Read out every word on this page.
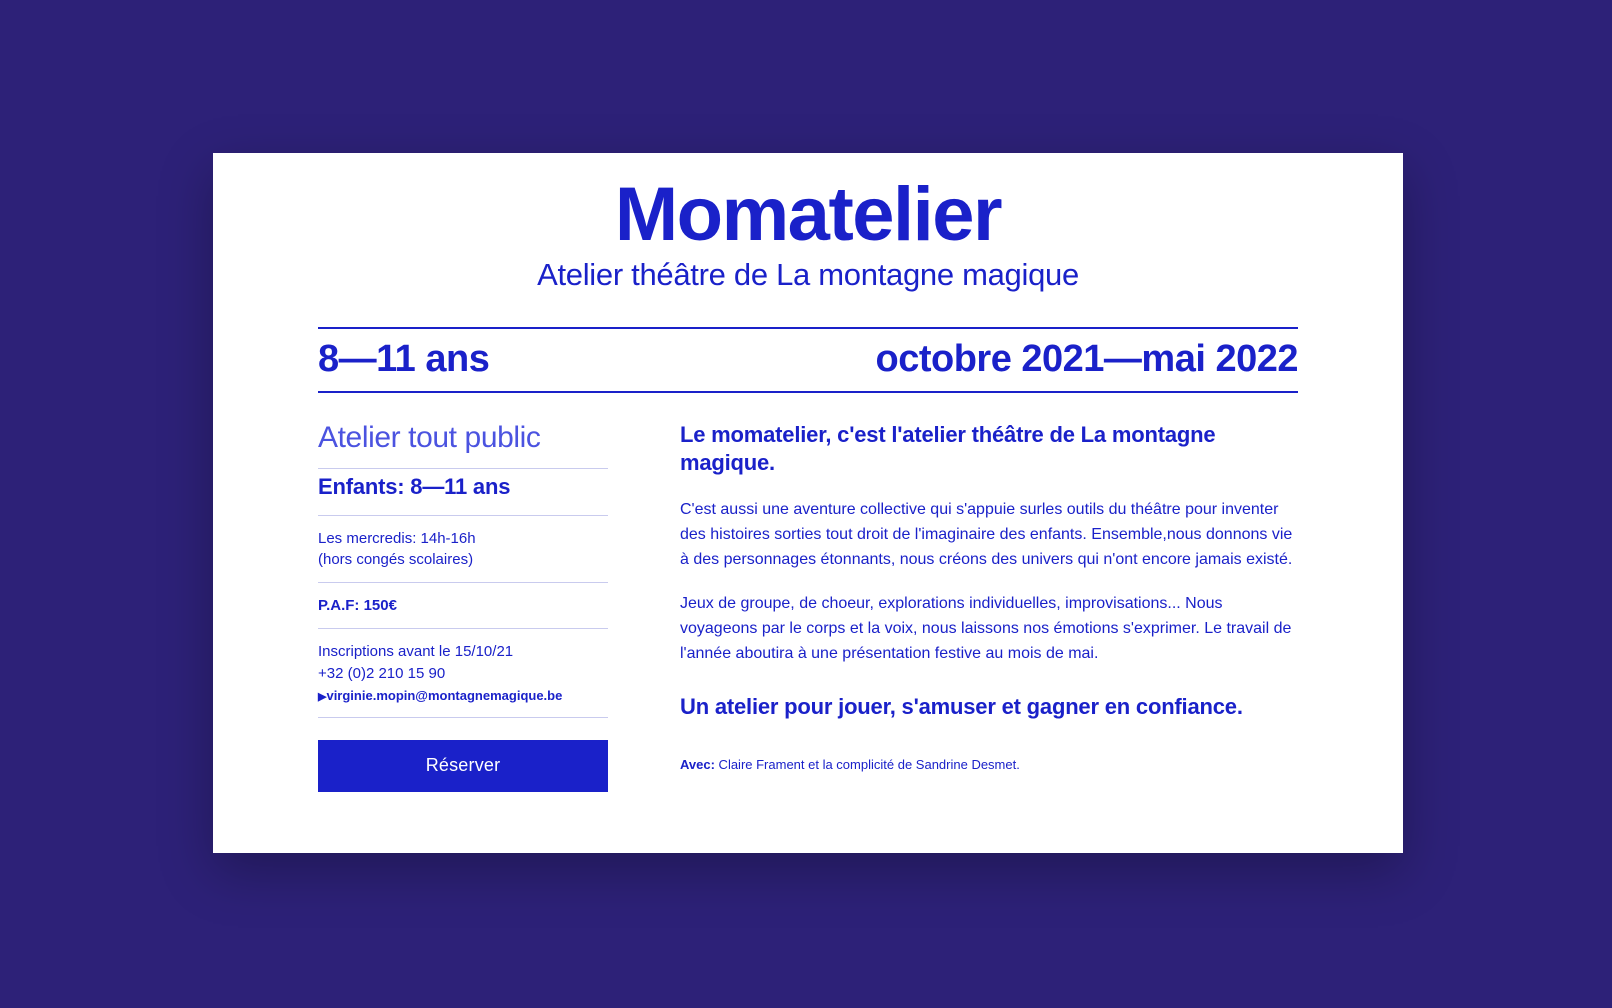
Momatelier

Atelier théâtre de La montagne magique

8—11 ans	octobre 2021—mai 2022
Atelier tout public
Enfants: 8—11 ans
Les mercredis: 14h-16h
(hors congés scolaires)
P.A.F: 150€
Inscriptions avant le 15/10/21
+32 (0)2 210 15 90
▶virginie.mopin@montagnemagique.be
Réserver

Le momatelier, c'est l'atelier théâtre de La montagne magique.

C'est aussi une aventure collective qui s'appuie surles outils du théâtre pour inventer des histoires sorties tout droit de l'imaginaire des enfants. Ensemble,nous donnons vie à des personnages étonnants, nous créons des univers qui n'ont encore jamais existé.

Jeux de groupe, de choeur, explorations individuelles, improvisations... Nous voyageons par le corps et la voix, nous laissons nos émotions s'exprimer. Le travail de l'année aboutira à une présentation festive au mois de mai.

Un atelier pour jouer, s'amuser et gagner en confiance.

Avec: Claire Frament et la complicité de Sandrine Desmet.
